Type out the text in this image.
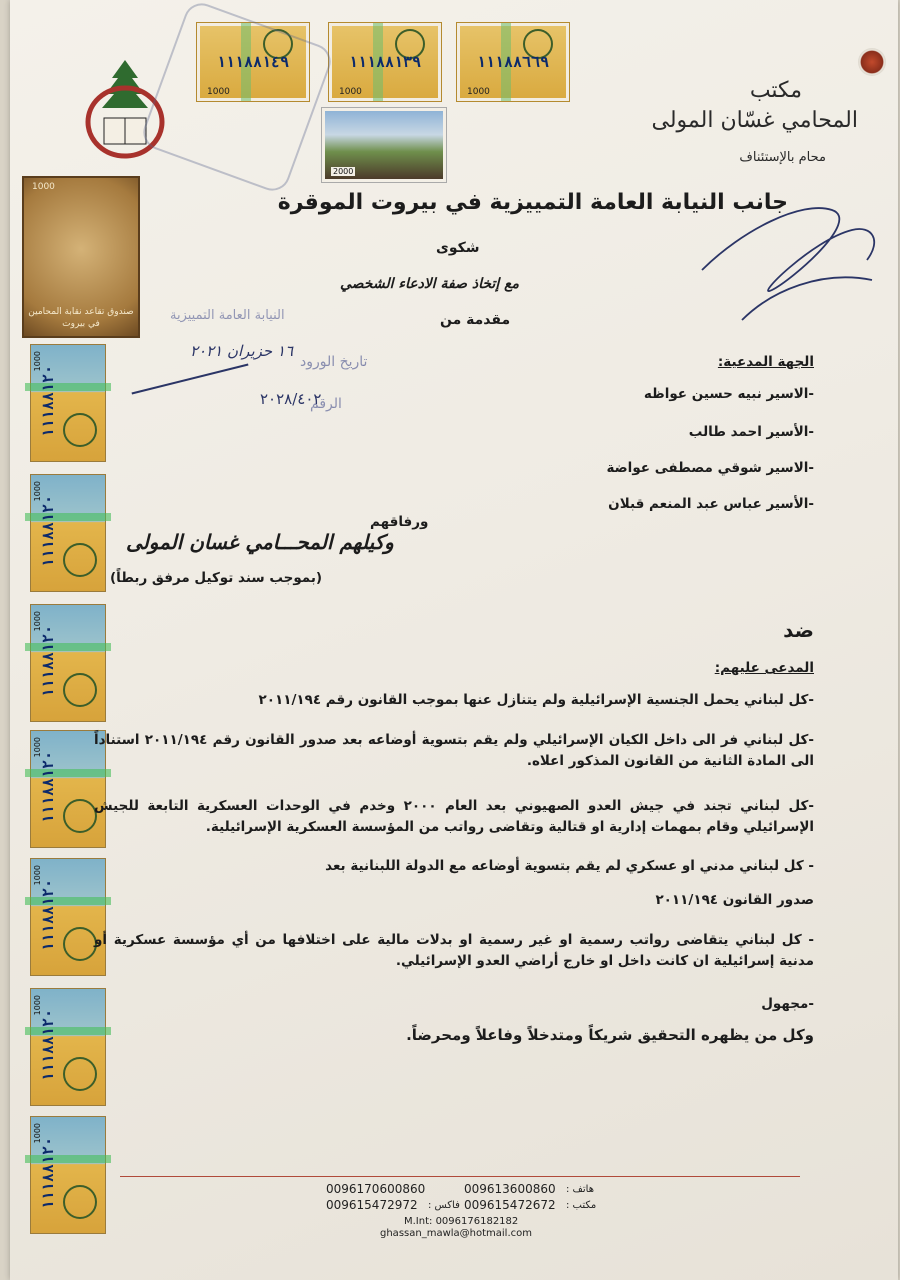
١١١٨٨١٤٩
1000
١١١٨٨١٣٩
1000
١١١٨٨٦٦٩
1000
2000
1000
صندوق تقاعد نقابة المحامين في بيروت
1000
١١١٨٨١٢٠
1000
١١١٨٨١٢٠
1000
١١١٨٨١٢٠
1000
١١١٨٨١٢٠
1000
١١١٨٨١٢٠
1000
١١١٨٨١٢٠
1000
١١١٨٨١٢٠
مكتب
المحامي غسّان المولى
محام بالإستئناف
جانب النيابة العامة التمييزية في بيروت الموقرة
شكوى
مع إتخاذ صفة الادعاء الشخصي
مقدمة من
النيابة العامة التمييزية
تاريخ الورود
١٦ حزيران ٢٠٢١
الرقم
٢٠٢٨/٤٠٢
الجهة المدعية:
-الاسير نبيه حسين عواظه
-الأسير احمد طالب
-الاسير شوقي مصطفى عواضة
-الأسير عباس عبد المنعم قبلان
ورفاقهم
وكيلهم المحـــامي غسان المولى
(بموجب سند توكيل مرفق ربطاً)
ضد
المدعى عليهم:
-كل لبناني يحمل الجنسية الإسرائيلية ولم يتنازل عنها بموجب القانون رقم ٢٠١١/١٩٤
-كل لبناني فر الى داخل الكيان الإسرائيلي ولم يقم بتسوية أوضاعه بعد صدور القانون رقم ٢٠١١/١٩٤ استناداً الى المادة الثانية من القانون المذكور اعلاه.
-كل لبناني تجند في جيش العدو الصهيوني بعد العام ٢٠٠٠ وخدم في الوحدات العسكرية التابعة للجيش الإسرائيلي وقام بمهمات إدارية او قتالية وتقاضى رواتب من المؤسسة العسكرية الإسرائيلية.
- كل لبناني مدني او عسكري لم يقم بتسوية أوضاعه مع الدولة اللبنانية بعد
صدور القانون ٢٠١١/١٩٤
- كل لبناني يتقاضى رواتب رسمية او غير رسمية او بدلات مالية على اختلافها من أي مؤسسة عسكرية أو مدنية إسرائيلية ان كانت داخل او خارج أراضي العدو الإسرائيلي.
-مجهول
وكل من يظهره التحقيق شريكاً ومتدخلاً وفاعلاً ومحرضاً.
هاتف :
009613600860
0096170600860
مكتب :
009615472672
فاكس :
009615472972
M.Int: 0096176182182
ghassan_mawla@hotmail.com
